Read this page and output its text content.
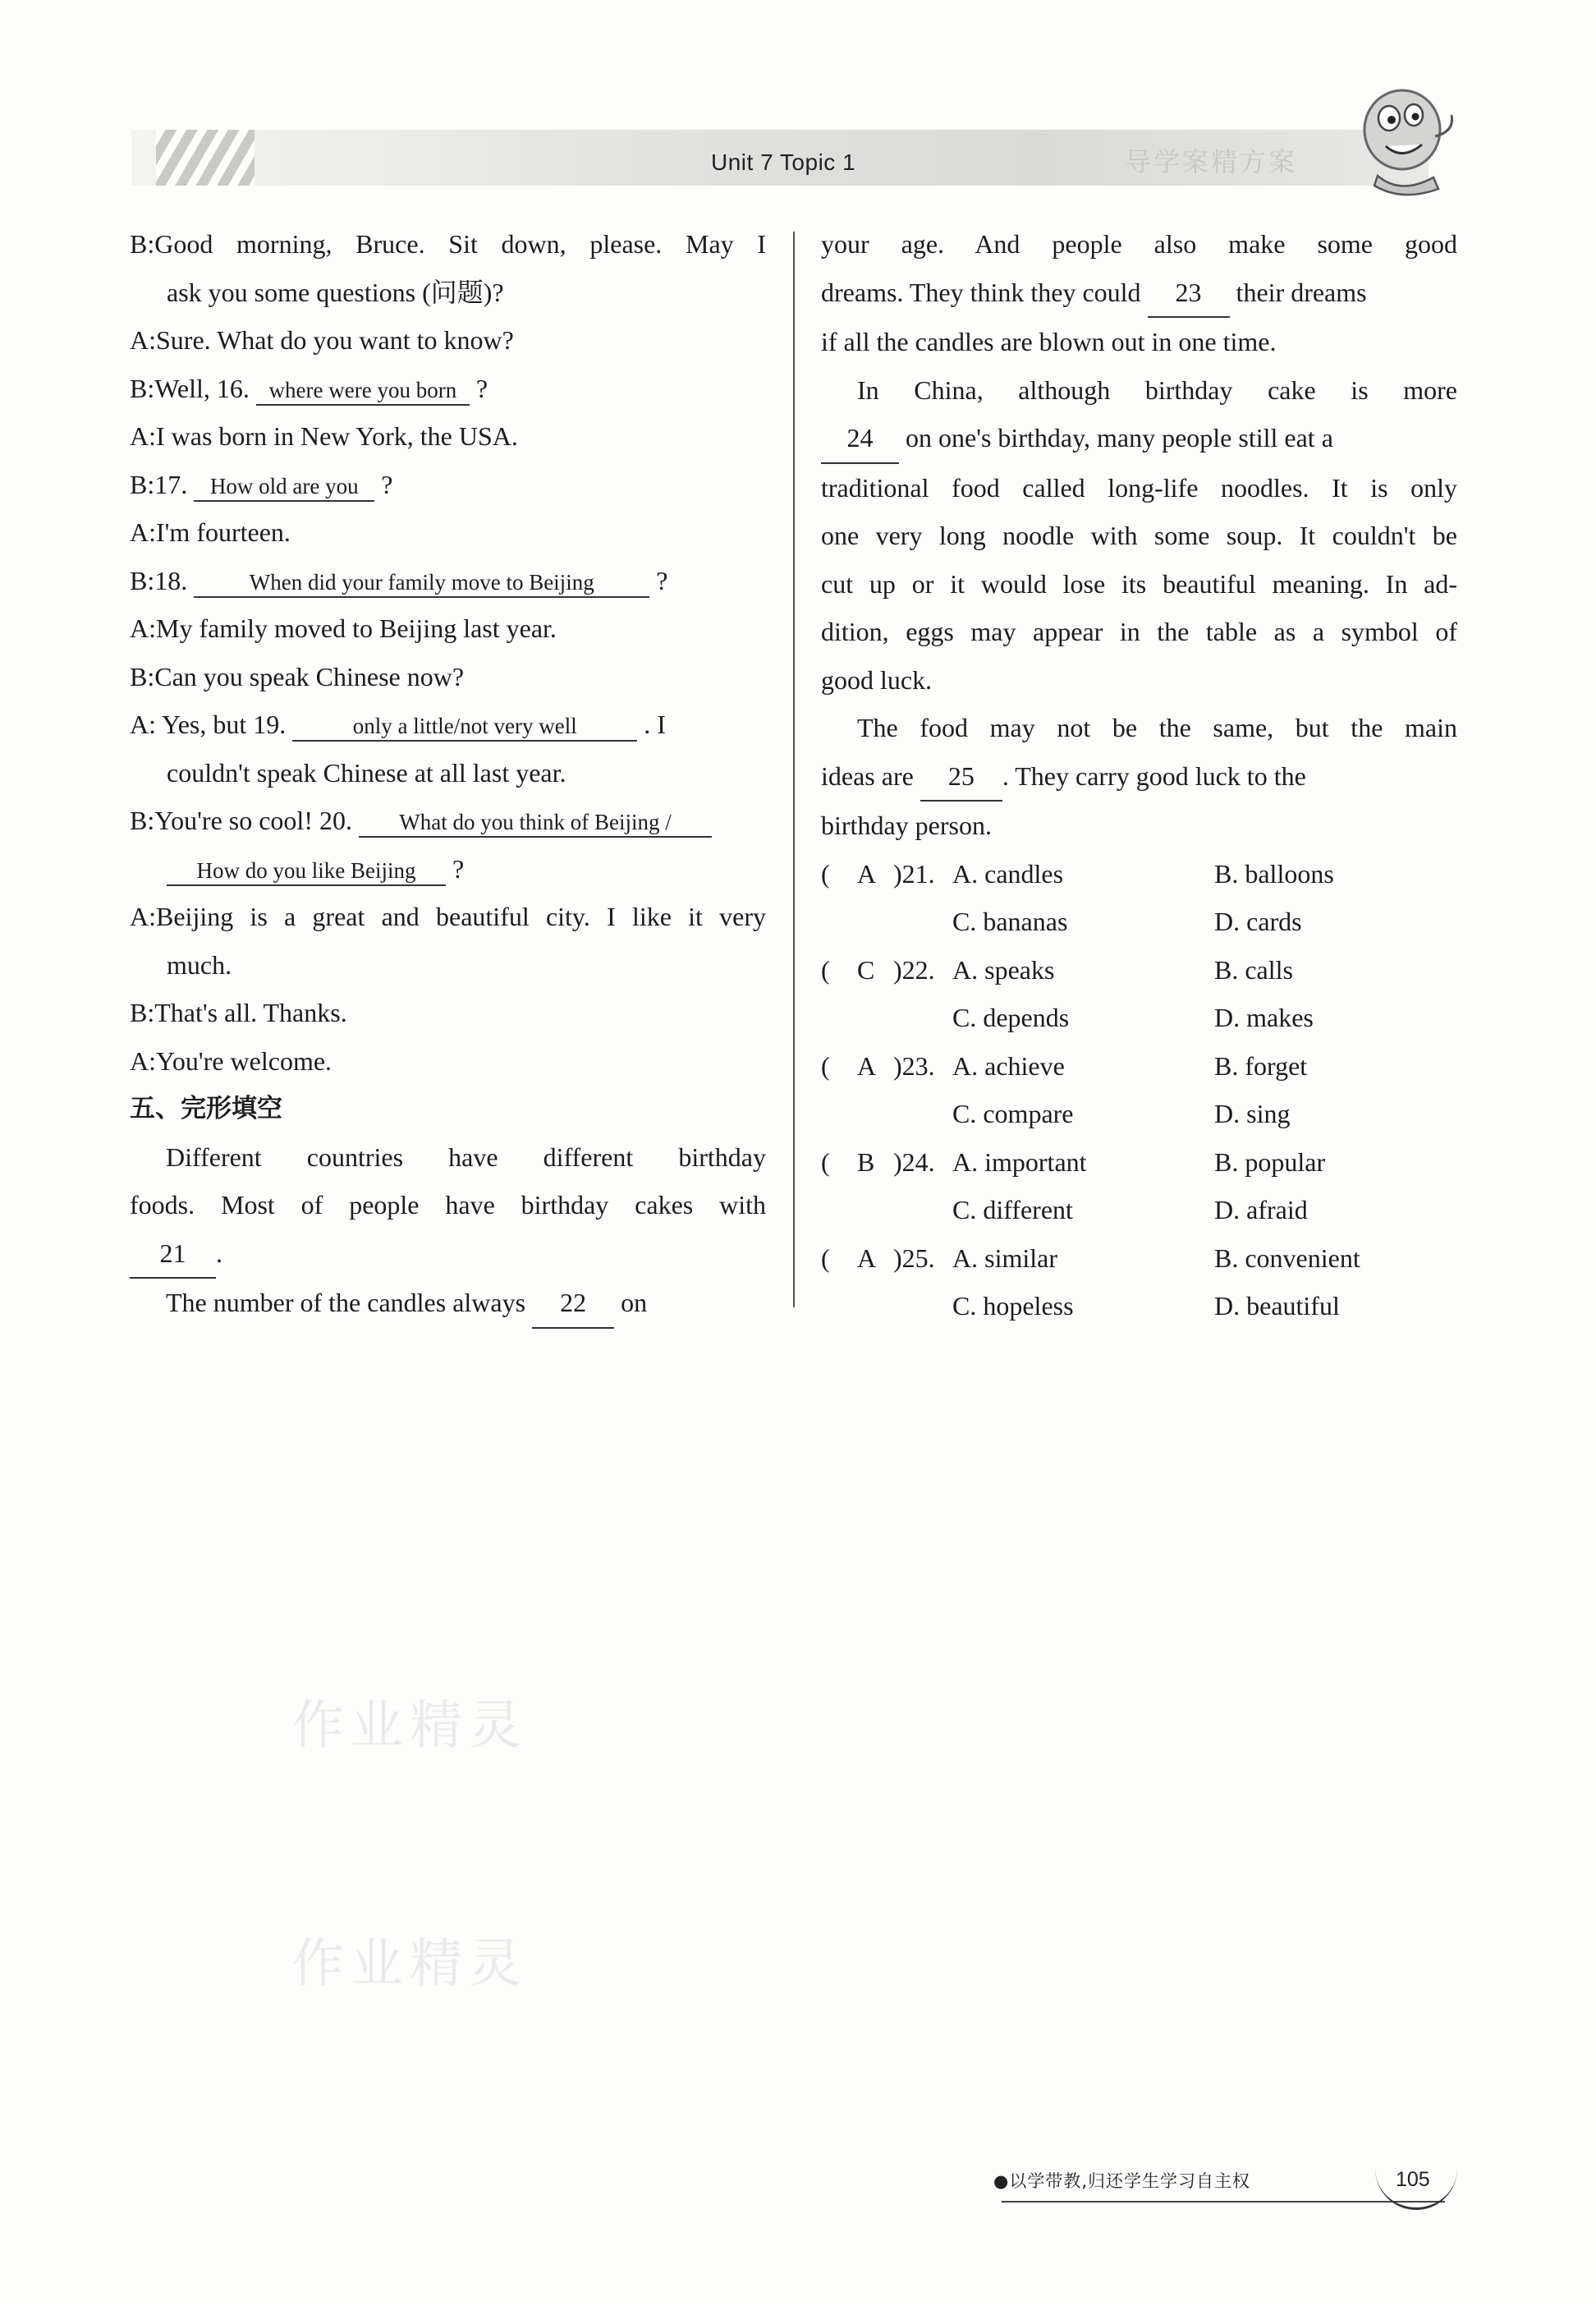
Unit 7 Topic 1	导学案精方案
B:Good morning, Bruce. Sit down, please. May I
ask you some questions (问题)?
A:Sure. What do you want to know?
B:Well, 16. where were you born ?
A:I was born in New York, the USA.
B:17. How old are you ?
A:I'm fourteen.
B:18.	When did your family move to Beijing ?
A:My family moved to Beijing last year.
B:Can you speak Chinese now?
A: Yes, but 19.	only a little/not very well	. I
couldn't speak Chinese at all last year.
B:You're so cool! 20. What do you think of Beijing /
How do you like Beijing ?
A:Beijing is a great and beautiful city. I like it very
much.
B:That's all. Thanks.
A:You're welcome.
五、完形填空
Different countries have different birthday
foods. Most of people have birthday cakes with
21 .
The number of the candles always 22 on
your age. And people also make some good
dreams. They think they could 23 their dreams
if all the candles are blown out in one time.
In China, although birthday cake is more
24 on one's birthday, many people still eat a
traditional food called long-life noodles. It is only
one very long noodle with some soup. It couldn't be
cut up or it would lose its beautiful meaning. In ad-
dition, eggs may appear in the table as a symbol of
good luck.
The food may not be the same, but the main
ideas are 25 . They carry good luck to the
birthday person.
( A )21. A. candles	B. balloons
C. bananas	D. cards
( C )22. A. speaks	B. calls
C. depends	D. makes
( A )23. A. achieve	B. forget
C. compare	D. sing
( B )24. A. important	B. popular
C. different	D. afraid
( A )25. A. similar	B. convenient
C. hopeless	D. beautiful
作业精灵
作业精灵
●以学带教,归还学生学习自主权	105
